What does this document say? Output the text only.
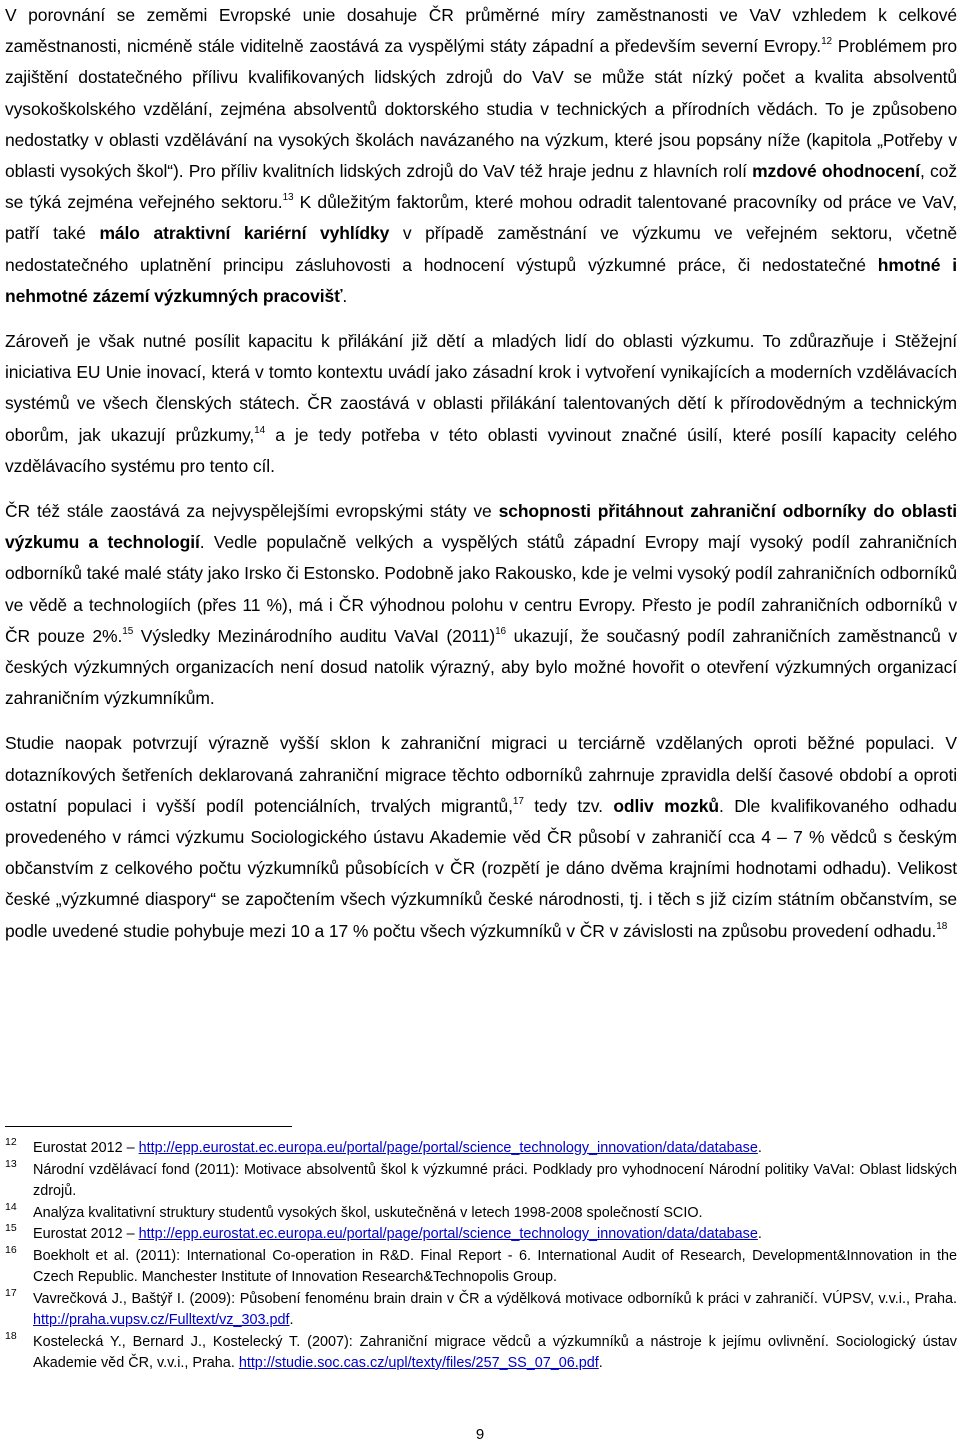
V porovnání se zeměmi Evropské unie dosahuje ČR průměrné míry zaměstnanosti ve VaV vzhledem k celkové zaměstnanosti, nicméně stále viditelně zaostává za vyspělými státy západní a především severní Evropy.$^{12}$ Problémem pro zajištění dostatečného přílivu kvalifikovaných lidských zdrojů do VaV se může stát nízký počet a kvalita absolventů vysokoškolského vzdělání, zejména absolventů doktorského studia v technických a přírodních vědách. To je způsobeno nedostatky v oblasti vzdělávání na vysokých školách navázaného na výzkum, které jsou popsány níže (kapitola „Potřeby v oblasti vysokých škol“). Pro příliv kvalitních lidských zdrojů do VaV též hraje jednu z hlavních rolí mzdové ohodnocení, což se týká zejména veřejného sektoru.$^{13}$ K důležitým faktorům, které mohou odradit talentované pracovníky od práce ve VaV, patří také málo atraktivní kariérní vyhlídky v případě zaměstnání ve výzkumu ve veřejném sektoru, včetně nedostatečného uplatnění principu zásluhovosti a hodnocení výstupů výzkumné práce, či nedostatečné hmotné i nehmotné zázemí výzkumných pracovišť.

Zároveň je však nutné posílit kapacitu k přilákání již dětí a mladých lidí do oblasti výzkumu. To zdůrazňuje i Stěžejní iniciativa EU Unie inovací, která v tomto kontextu uvádí jako zásadní krok i vytvoření vynikajících a moderních vzdělávacích systémů ve všech členských státech. ČR zaostává v oblasti přilákání talentovaných dětí k přírodovědným a technickým oborům, jak ukazují průzkumy,$^{14}$ a je tedy potřeba v této oblasti vyvinout značné úsilí, které posílí kapacity celého vzdělávacího systému pro tento cíl.

ČR též stále zaostává za nejvyspělejšími evropskými státy ve schopnosti přitáhnout zahraniční odborníky do oblasti výzkumu a technologií. Vedle populačně velkých a vyspělých států západní Evropy mají vysoký podíl zahraničních odborníků také malé státy jako Irsko či Estonsko. Podobně jako Rakousko, kde je velmi vysoký podíl zahraničních odborníků ve vědě a technologiích (přes 11 %), má i ČR výhodnou polohu v centru Evropy. Přesto je podíl zahraničních odborníků v ČR pouze 2%.$^{15}$ Výsledky Mezinárodního auditu VaVaI $(2011)^{16}$ ukazují, že současný podíl zahraničních zaměstnanců v českých výzkumných organizacích není dosud natolik výrazný, aby bylo možné hovořit o otevření výzkumných organizací zahraničním výzkumníkům.

Studie naopak potvrzují výrazně vyšší sklon k zahraniční migraci u terciárně vzdělaných oproti běžné populaci. V dotazníkových šetřeních deklarovaná zahraniční migrace těchto odborníků zahrnuje zpravidla delší časové období a oproti ostatní populaci i vyšší podíl potenciálních, trvalých migrantů,$^{17}$ tedy tzv. odliv mozků. Dle kvalifikovaného odhadu provedeného v rámci výzkumu Sociologického ústavu Akademie věd ČR působí v zahraničí cca 4 – 7 % vědců s českým občanstvím z celkového počtu výzkumníků působících v ČR (rozpětí je dáno dvěma krajními hodnotami odhadu). Velikost české „výzkumné diaspory“ se započtením všech výzkumníků české národnosti, tj. i těch s již cizím státním občanstvím, se podle uvedené studie pohybuje mezi 10 a 17 % počtu všech výzkumníků v ČR v závislosti na způsobu provedení odhadu.$^{18}$

12 Eurostat 2012 – http://epp.eurostat.ec.europa.eu/portal/page/portal/science_technology_innovation/data/database.

13 Národní vzdělávací fond (2011): Motivace absolventů škol k výzkumné práci. Podklady pro vyhodnocení Národní politiky VaVaI: Oblast lidských zdrojů.

14 Analýza kvalitativní struktury studentů vysokých škol, uskutečněná v letech 1998-2008 společností SCIO.

15 Eurostat 2012 – http://epp.eurostat.ec.europa.eu/portal/page/portal/science_technology_innovation/data/database.

16 Boekholt et al. (2011): International Co-operation in R&D. Final Report - 6. International Audit of Research, Development&Innovation in the Czech Republic. Manchester Institute of Innovation Research&Technopolis Group.

17 Vavrečková J., Baštýř I. (2009): Působení fenoménu brain drain v ČR a výdělková motivace odborníků k práci v zahraničí. VÚPSV, v.v.i., Praha. http://praha.vupsv.cz/Fulltext/vz_303.pdf.

18 Kostelecká Y., Bernard J., Kostelecký T. (2007): Zahraniční migrace vědců a výzkumníků a nástroje k jejímu ovlivnění. Sociologický ústav Akademie věd ČR, v.v.i., Praha. http://studie.soc.cas.cz/upl/texty/files/257_SS_07_06.pdf.

9
